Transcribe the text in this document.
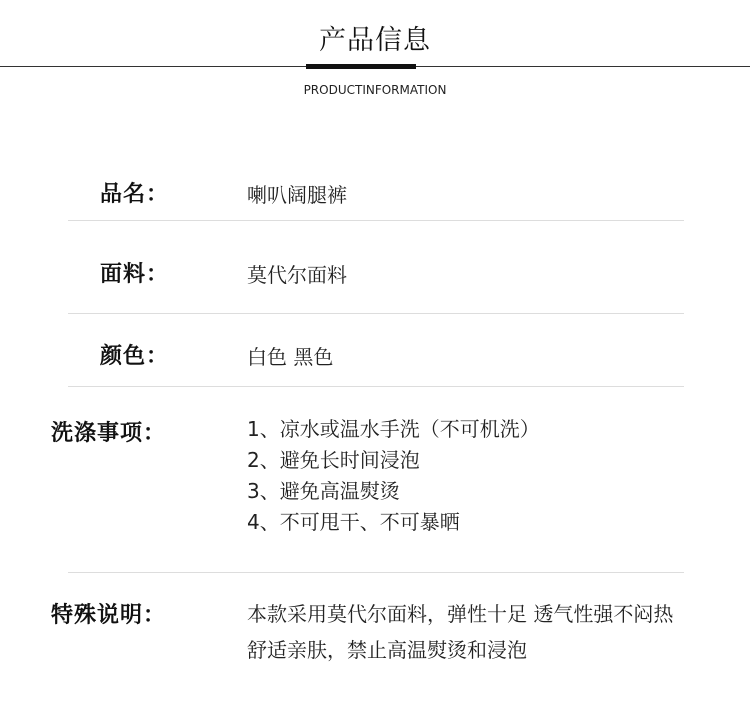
产品信息
PRODUCTINFORMATION
品名：	喇叭阔腿裤
面料：	莫代尔面料
颜色：	白色 黑色
洗涤事项：	1、凉水或温水手洗（不可机洗）
2、避免长时间浸泡
3、避免高温熨烫
4、不可甩干、不可暴晒
特殊说明：	本款采用莫代尔面料，弹性十足 透气性强不闷热
舒适亲肤，禁止高温熨烫和浸泡
